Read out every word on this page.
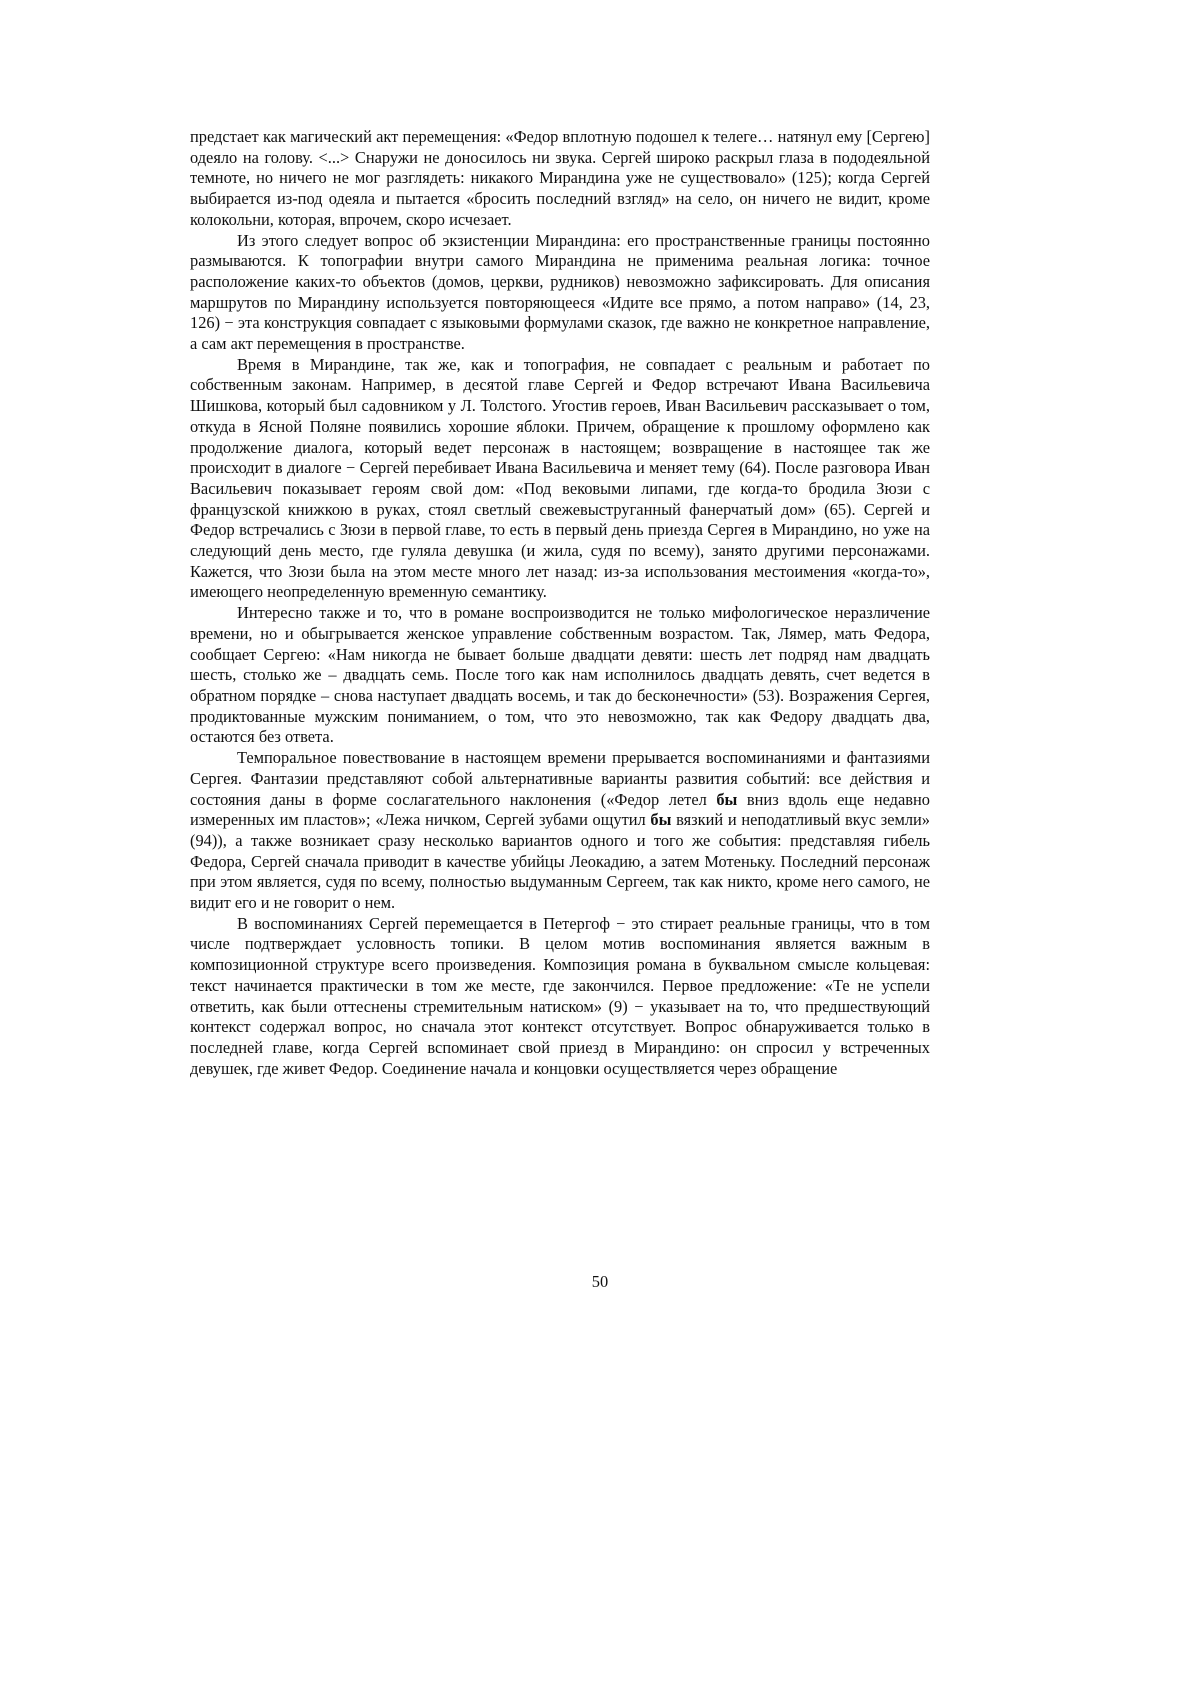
предстает как магический акт перемещения: «Федор вплотную подошел к телеге… натянул ему [Сергею] одеяло на голову. <...> Снаружи не доносилось ни звука. Сергей широко раскрыл глаза в пододеяльной темноте, но ничего не мог разглядеть: никакого Мирандина уже не существовало» (125); когда Сергей выбирается из-под одеяла и пытается «бросить последний взгляд» на село, он ничего не видит, кроме колокольни, которая, впрочем, скоро исчезает.

Из этого следует вопрос об экзистенции Мирандина: его пространственные границы постоянно размываются. К топографии внутри самого Мирандина не применима реальная логика: точное расположение каких-то объектов (домов, церкви, рудников) невозможно зафиксировать. Для описания маршрутов по Мирандину используется повторяющееся «Идите все прямо, а потом направо» (14, 23, 126) − эта конструкция совпадает с языковыми формулами сказок, где важно не конкретное направление, а сам акт перемещения в пространстве.

Время в Мирандине, так же, как и топография, не совпадает с реальным и работает по собственным законам. Например, в десятой главе Сергей и Федор встречают Ивана Васильевича Шишкова, который был садовником у Л. Толстого. Угостив героев, Иван Васильевич рассказывает о том, откуда в Ясной Поляне появились хорошие яблоки. Причем, обращение к прошлому оформлено как продолжение диалога, который ведет персонаж в настоящем; возвращение в настоящее так же происходит в диалоге − Сергей перебивает Ивана Васильевича и меняет тему (64). После разговора Иван Васильевич показывает героям свой дом: «Под вековыми липами, где когда-то бродила Зюзи с французской книжкою в руках, стоял светлый свежевыструганный фанерчатый дом» (65). Сергей и Федор встречались с Зюзи в первой главе, то есть в первый день приезда Сергея в Мирандино, но уже на следующий день место, где гуляла девушка (и жила, судя по всему), занято другими персонажами. Кажется, что Зюзи была на этом месте много лет назад: из-за использования местоимения «когда-то», имеющего неопределенную временную семантику.

Интересно также и то, что в романе воспроизводится не только мифологическое неразличение времени, но и обыгрывается женское управление собственным возрастом. Так, Лямер, мать Федора, сообщает Сергею: «Нам никогда не бывает больше двадцати девяти: шесть лет подряд нам двадцать шесть, столько же – двадцать семь. После того как нам исполнилось двадцать девять, счет ведется в обратном порядке – снова наступает двадцать восемь, и так до бесконечности» (53). Возражения Сергея, продиктованные мужским пониманием, о том, что это невозможно, так как Федору двадцать два, остаются без ответа.

Темпоральное повествование в настоящем времени прерывается воспоминаниями и фантазиями Сергея. Фантазии представляют собой альтернативные варианты развития событий: все действия и состояния даны в форме сослагательного наклонения («Федор летел бы вниз вдоль еще недавно измеренных им пластов»; «Лежа ничком, Сергей зубами ощутил бы вязкий и неподатливый вкус земли» (94)), а также возникает сразу несколько вариантов одного и того же события: представляя гибель Федора, Сергей сначала приводит в качестве убийцы Леокадию, а затем Мотеньку. Последний персонаж при этом является, судя по всему, полностью выдуманным Сергеем, так как никто, кроме него самого, не видит его и не говорит о нем.

В воспоминаниях Сергей перемещается в Петергоф − это стирает реальные границы, что в том числе подтверждает условность топики. В целом мотив воспоминания является важным в композиционной структуре всего произведения. Композиция романа в буквальном смысле кольцевая: текст начинается практически в том же месте, где закончился. Первое предложение: «Те не успели ответить, как были оттеснены стремительным натиском» (9) − указывает на то, что предшествующий контекст содержал вопрос, но сначала этот контекст отсутствует. Вопрос обнаруживается только в последней главе, когда Сергей вспоминает свой приезд в Мирандино: он спросил у встреченных девушек, где живет Федор. Соединение начала и концовки осуществляется через обращение

50
